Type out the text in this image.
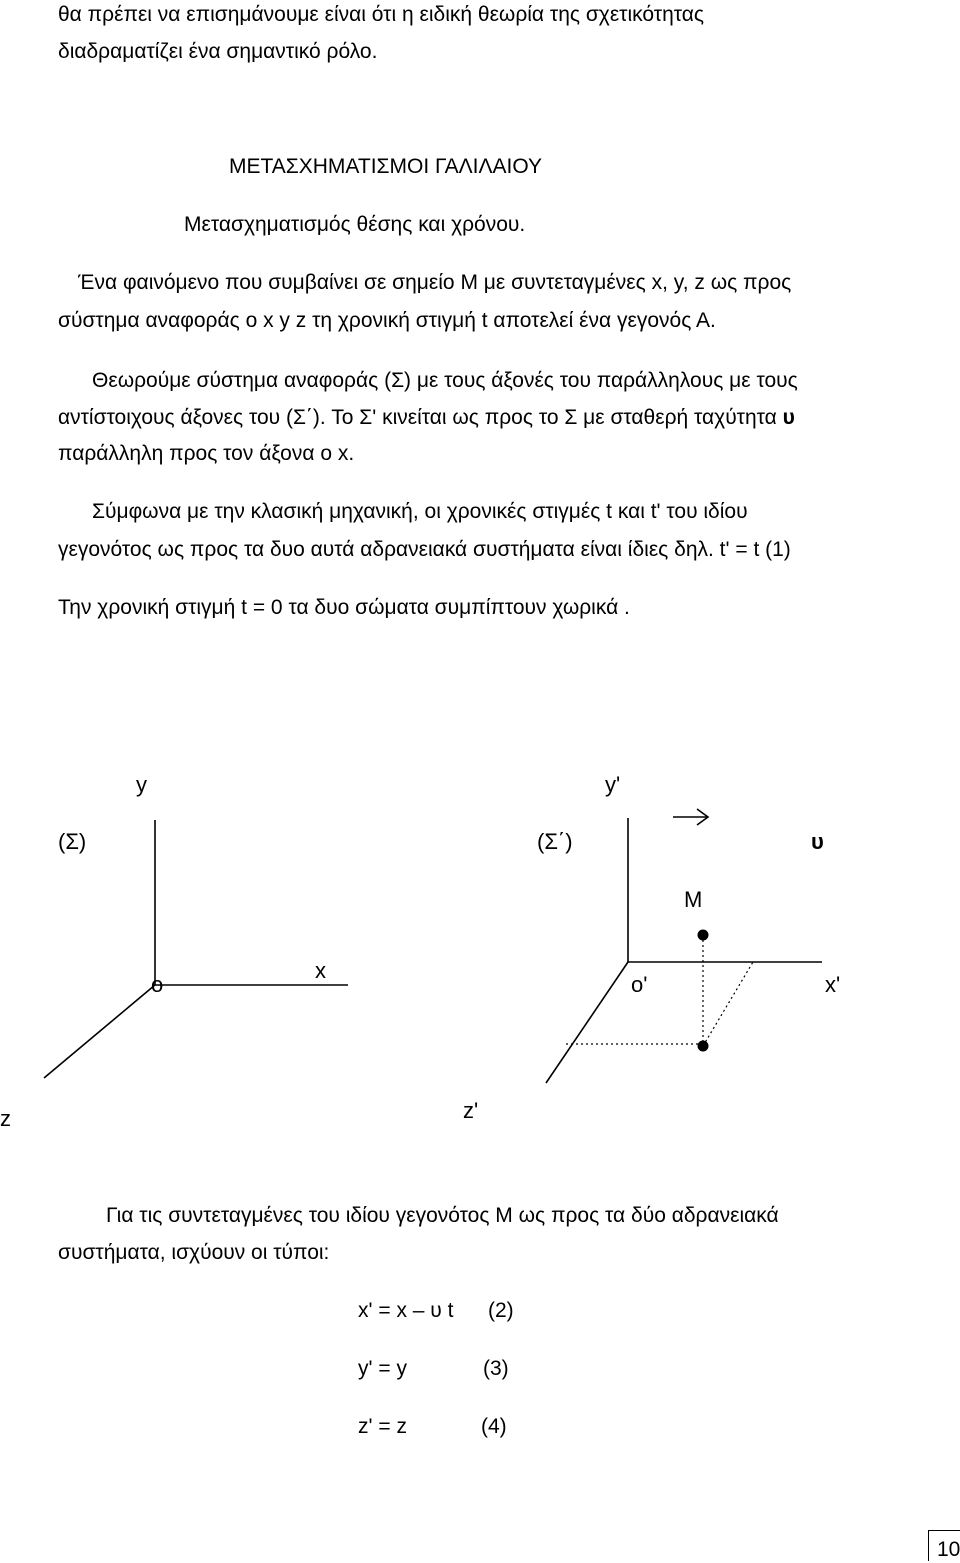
θα πρέπει να επισημάνουμε είναι ότι η ειδική θεωρία της σχετικότητας
διαδραματίζει ένα σημαντικό ρόλο.
ΜΕΤΑΣΧΗΜΑΤΙΣΜΟΙ ΓΑΛΙΛΑΙΟΥ
Μετασχηματισμός θέσης και χρόνου.
Ένα φαινόμενο που συμβαίνει σε σημείο Μ με συντεταγμένες x, y, z ως προς
σύστημα αναφοράς ο x y z τη χρονική στιγμή t αποτελεί ένα γεγονός Α.
Θεωρούμε σύστημα αναφοράς (Σ) με τους άξονές του παράλληλους με τους
αντίστοιχους άξονες του (Σ΄). Το Σ' κινείται ως προς το Σ με σταθερή ταχύτητα υ
παράλληλη προς τον άξονα ο x.
Σύμφωνα με την κλασική μηχανική, οι χρονικές στιγμές t και t' του ιδίου
γεγονότος ως προς τα δυο αυτά αδρανειακά συστήματα είναι ίδιες δηλ. t' = t (1)
Την χρονική στιγμή t = 0 τα δυο σώματα συμπίπτουν χωρικά .
y	y'
(Σ)	(Σ΄)	υ
Μ
x
ο	ο'	x'
z	z'
Για τις συντεταγμένες του ιδίου γεγονότος Μ ως προς τα δύο αδρανειακά
συστήματα, ισχύουν οι τύποι:
x' = x – υ t (2)
y' = y	(3)
z' = z	(4)
10
